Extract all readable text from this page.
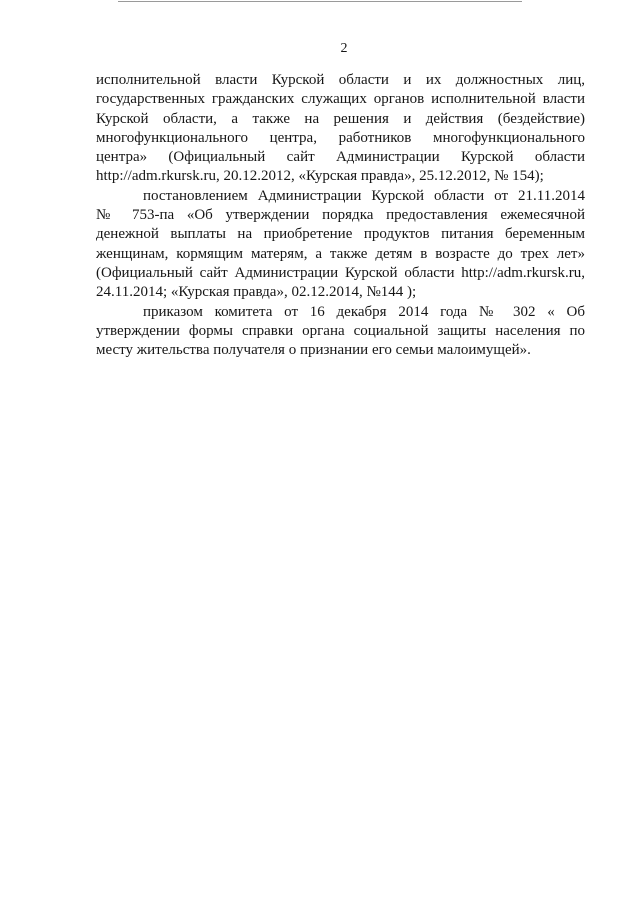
2
исполнительной власти Курской области и их должностных лиц,
государственных гражданских служащих органов исполнительной власти
Курской области, а также на решения и действия (бездействие)
многофункционального центра, работников многофункционального
центра» (Официальный сайт Администрации Курской области
http://adm.rkursk.ru, 20.12.2012, «Курская правда», 25.12.2012, № 154);
постановлением Администрации Курской области от 21.11.2014
№ 753-па «Об утверждении порядка предоставления ежемесячной
денежной выплаты на приобретение продуктов питания беременным
женщинам, кормящим матерям, а также детям в возрасте до трех лет»
(Официальный сайт Администрации Курской области http://adm.rkursk.ru,
24.11.2014; «Курская правда», 02.12.2014, №144 );
приказом комитета от 16 декабря 2014 года № 302 « Об
утверждении формы справки органа социальной защиты населения по
месту жительства получателя о признании его семьи малоимущей».
